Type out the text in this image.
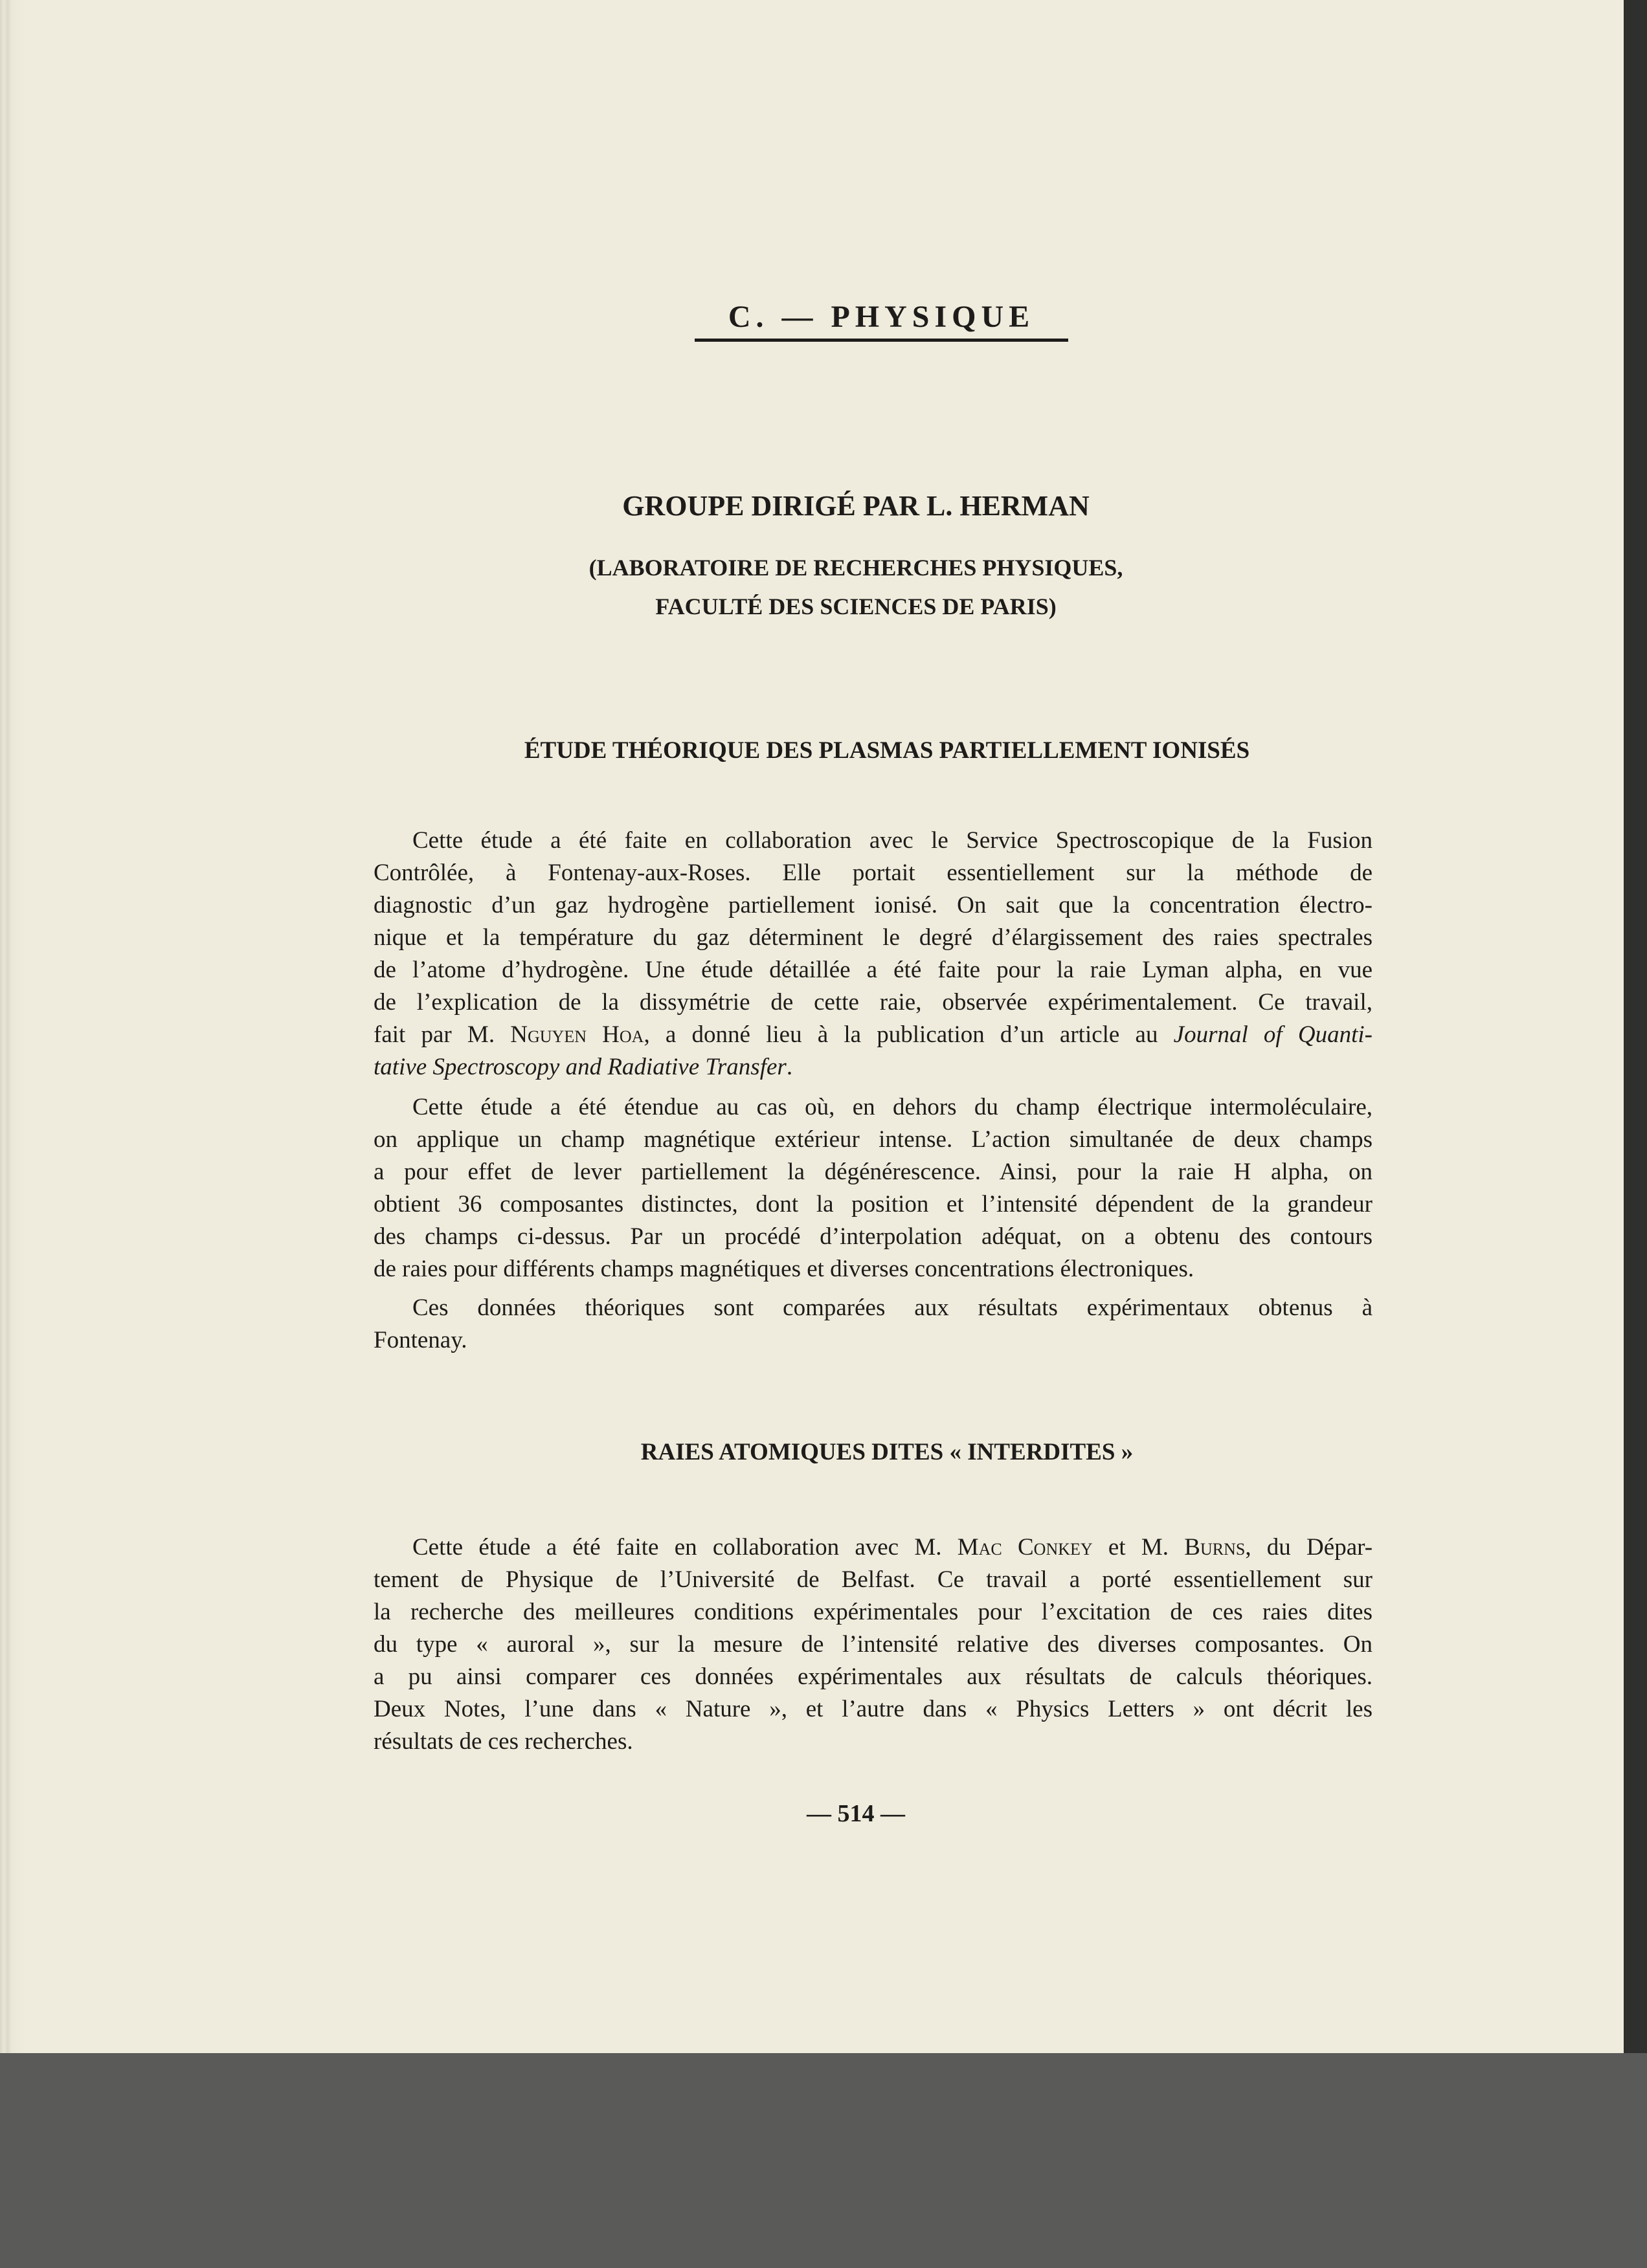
C. — PHYSIQUE
GROUPE DIRIGÉ PAR L. HERMAN
(LABORATOIRE DE RECHERCHES PHYSIQUES,
FACULTÉ DES SCIENCES DE PARIS)
ÉTUDE THÉORIQUE DES PLASMAS PARTIELLEMENT IONISÉS
Cette étude a été faite en collaboration avec le Service Spectroscopique de la Fusion
Contrôlée, à Fontenay-aux-Roses. Elle portait essentiellement sur la méthode de
diagnostic d’un gaz hydrogène partiellement ionisé. On sait que la concentration électro-
nique et la température du gaz déterminent le degré d’élargissement des raies spectrales
de l’atome d’hydrogène. Une étude détaillée a été faite pour la raie Lyman alpha, en vue
de l’explication de la dissymétrie de cette raie, observée expérimentalement. Ce travail,
fait par M. Nguyen Hoa, a donné lieu à la publication d’un article au Journal of Quanti-
tative Spectroscopy and Radiative Transfer.
Cette étude a été étendue au cas où, en dehors du champ électrique intermoléculaire,
on applique un champ magnétique extérieur intense. L’action simultanée de deux champs
a pour effet de lever partiellement la dégénérescence. Ainsi, pour la raie H alpha, on
obtient 36 composantes distinctes, dont la position et l’intensité dépendent de la grandeur
des champs ci-dessus. Par un procédé d’interpolation adéquat, on a obtenu des contours
de raies pour différents champs magnétiques et diverses concentrations électroniques.
Ces données théoriques sont comparées aux résultats expérimentaux obtenus à
Fontenay.
RAIES ATOMIQUES DITES « INTERDITES »
Cette étude a été faite en collaboration avec M. Mac Conkey et M. Burns, du Dépar-
tement de Physique de l’Université de Belfast. Ce travail a porté essentiellement sur
la recherche des meilleures conditions expérimentales pour l’excitation de ces raies dites
du type « auroral », sur la mesure de l’intensité relative des diverses composantes. On
a pu ainsi comparer ces données expérimentales aux résultats de calculs théoriques.
Deux Notes, l’une dans « Nature », et l’autre dans « Physics Letters » ont décrit les
résultats de ces recherches.
— 514 —
